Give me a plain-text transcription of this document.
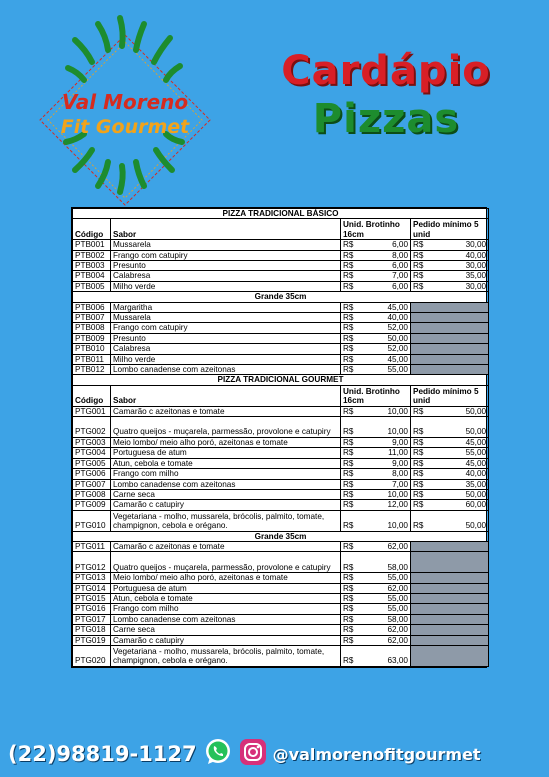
Val Moreno
Fit Gourmet
Cardápio
Pizzas
PIZZA TRADICIONAL BÁSICO					
Código	Sabor	Unid. Brotinho 16cm		Pedido mínimo 5 unid	
PTB001	Mussarela	R$	6,00	R$	30,00
PTB002	Frango com catupiry	R$	8,00	R$	40,00
PTB003	Presunto	R$	6,00	R$	30,00
PTB004	Calabresa	R$	7,00	R$	35,00
PTB005	Milho verde	R$	6,00	R$	30,00
Grande 35cm					
PTB006	Margaritha	R$	45,00		
PTB007	Mussarela	R$	40,00		
PTB008	Frango com catupiry	R$	52,00		
PTB009	Presunto	R$	50,00		
PTB010	Calabresa	R$	52,00		
PTB011	Milho verde	R$	45,00		
PTB012	Lombo canadense com azeitonas	R$	55,00		
PIZZA TRADICIONAL GOURMET					
Código	Sabor	Unid. Brotinho 16cm		Pedido mínimo 5 unid	
PTG001	Camarão c azeitonas e tomate	R$	10,00	R$	50,00
PTG002	Quatro queijos - muçarela, parmessão, provolone e catupiry	R$	10,00	R$	50,00
PTG003	Meio lombo/ meio alho poró, azeitonas e tomate	R$	9,00	R$	45,00
PTG004	Portuguesa de atum	R$	11,00	R$	55,00
PTG005	Atun, cebola e tomate	R$	9,00	R$	45,00
PTG006	Frango com milho	R$	8,00	R$	40,00
PTG007	Lombo canadense com azeitonas	R$	7,00	R$	35,00
PTG008	Carne seca	R$	10,00	R$	50,00
PTG009	Camarão c catupiry	R$	12,00	R$	60,00
PTG010	Vegetariana - molho, mussarela, brócolis, palmito, tomate, champignon, cebola e orégano.	R$	10,00	R$	50,00
Grande 35cm					
PTG011	Camarão c azeitonas e tomate	R$	62,00		
PTG012	Quatro queijos - muçarela, parmessão, provolone e catupiry	R$	58,00		
PTG013	Meio lombo/ meio alho poró, azeitonas e tomate	R$	55,00		
PTG014	Portuguesa de atum	R$	62,00		
PTG015	Atun, cebola e tomate	R$	55,00		
PTG016	Frango com milho	R$	55,00		
PTG017	Lombo canadense com azeitonas	R$	58,00		
PTG018	Carne seca	R$	62,00		
PTG019	Camarão c catupiry	R$	62,00		
PTG020	Vegetariana - molho, mussarela, brócolis, palmito, tomate, champignon, cebola e orégano.	R$	63,00		
(22)98819-1127	@valmorenofitgourmet
